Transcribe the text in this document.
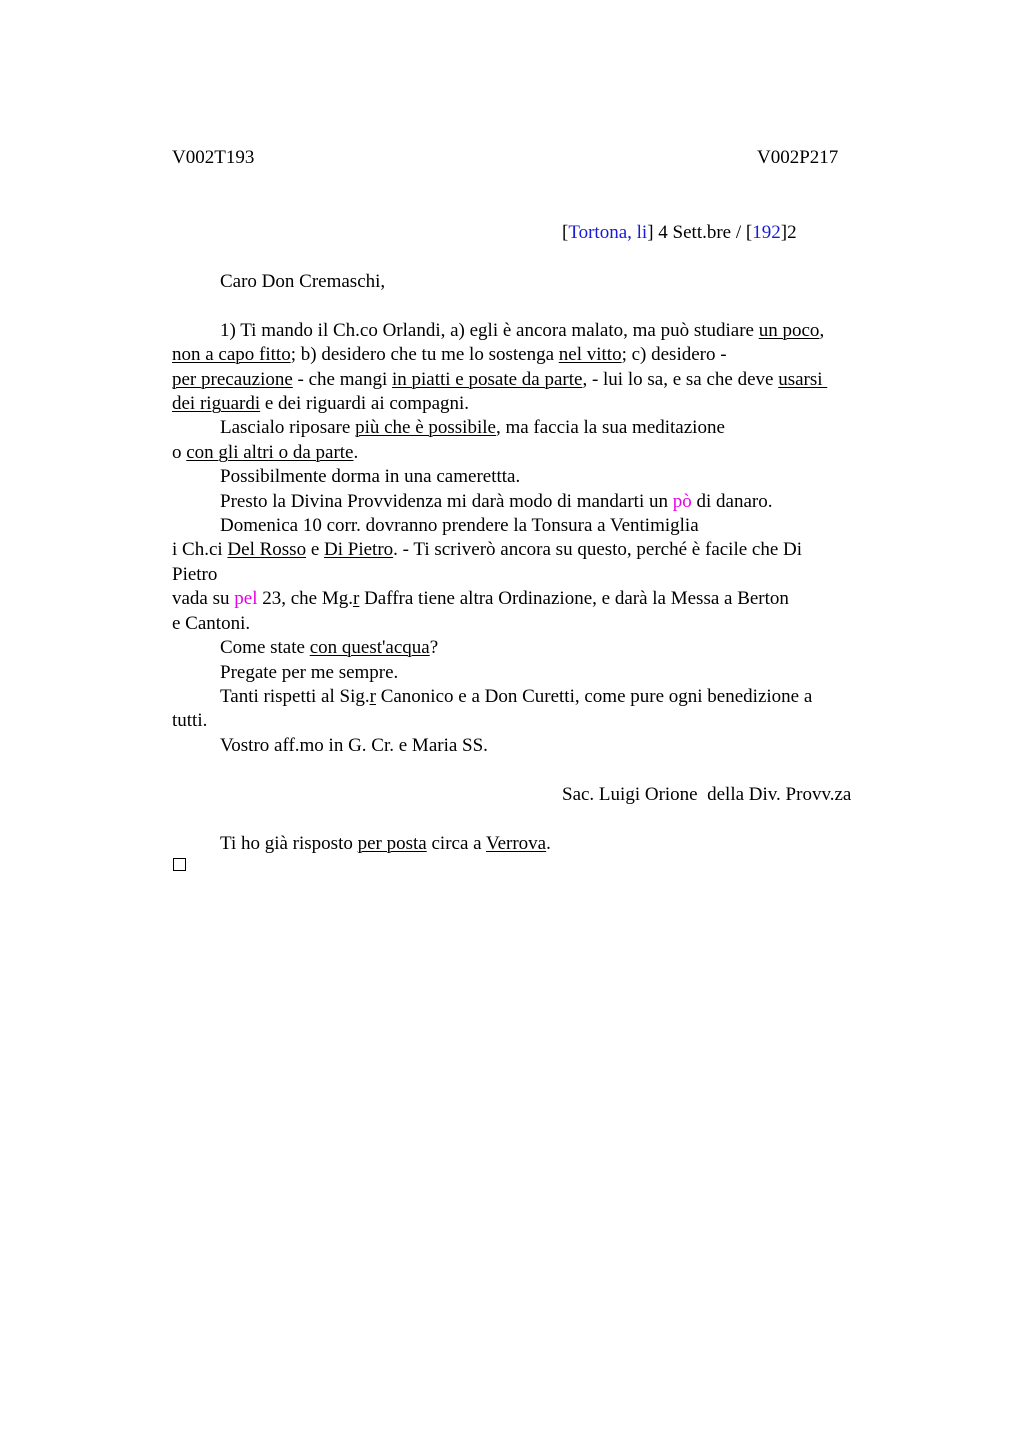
V002T193	V002P217
[Tortona, li] 4 Sett.bre / [192]2
Caro Don Cremaschi,
1) Ti mando il Ch.co Orlandi, a) egli è ancora malato, ma può studiare un poco,
non a capo fitto; b) desidero che tu me lo sostenga nel vitto; c) desidero -
per precauzione - che mangi in piatti e posate da parte, - lui lo sa, e sa che deve usarsi
dei riguardi e dei riguardi ai compagni.
Lascialo riposare più che è possibile, ma faccia la sua meditazione
o con gli altri o da parte.
Possibilmente dorma in una camerettta.
Presto la Divina Provvidenza mi darà modo di mandarti un pò di danaro.
Domenica 10 corr. dovranno prendere la Tonsura a Ventimiglia
i Ch.ci Del Rosso e Di Pietro. - Ti scriverò ancora su questo, perché è facile che Di
Pietro
vada su pel 23, che Mg.r Daffra tiene altra Ordinazione, e darà la Messa a Berton
e Cantoni.
Come state con quest'acqua?
Pregate per me sempre.
Tanti rispetti al Sig.r Canonico e a Don Curetti, come pure ogni benedizione a
tutti.
Vostro aff.mo in G. Cr. e Maria SS.
Sac. Luigi Orione  della Div. Provv.za
Ti ho già risposto per posta circa a Verrova.
